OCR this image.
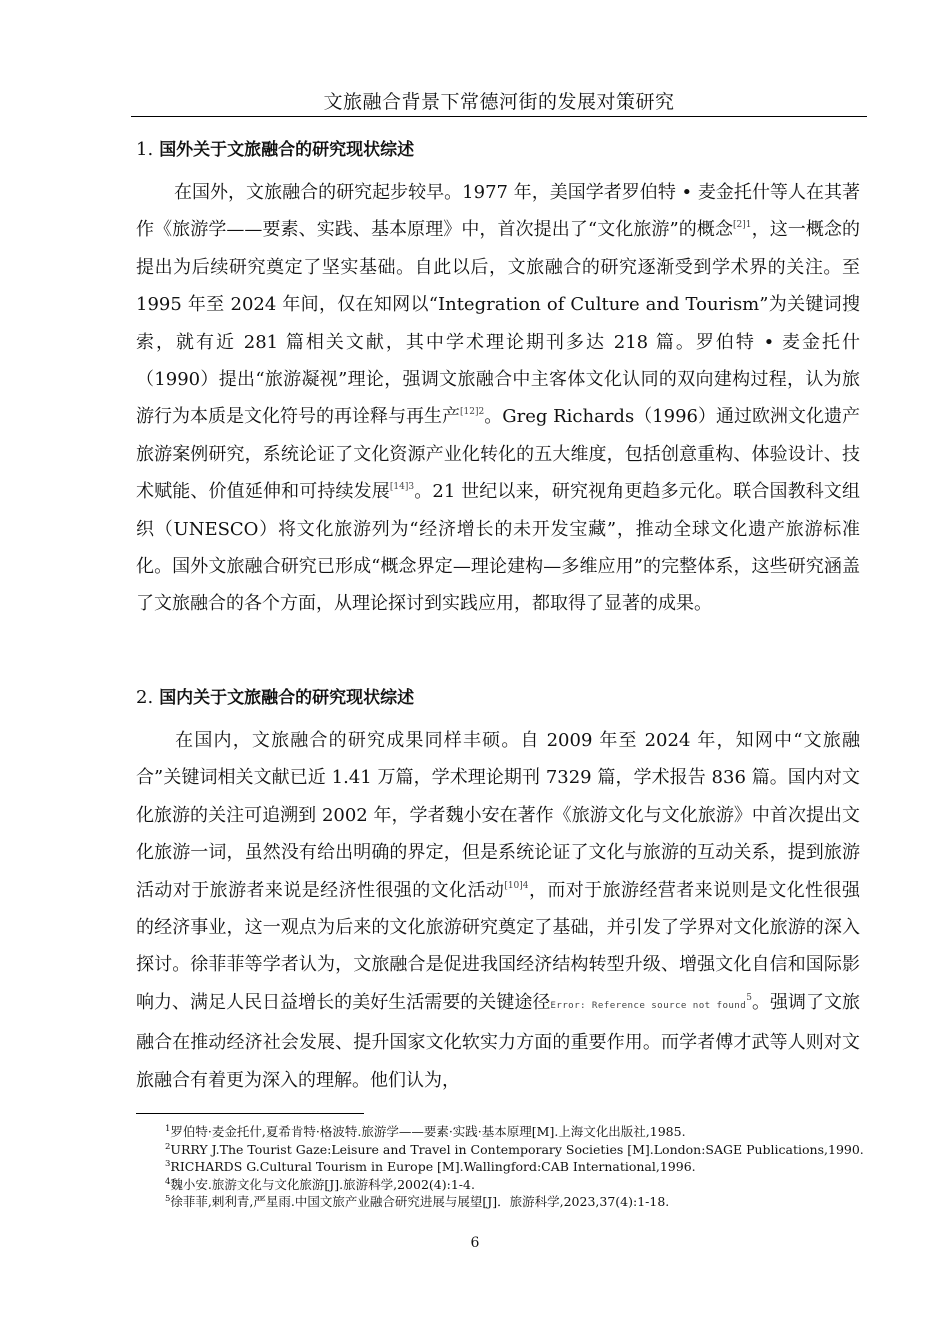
文旅融合背景下常德河街的发展对策研究
1. 国外关于文旅融合的研究现状综述

在国外，文旅融合的研究起步较早。1977 年，美国学者罗伯特 • 麦金托什等人在其著作《旅游学——要素、实践、基本原理》中，首次提出了“文化旅游”的概念$^{[2]1}$，这一概念的提出为后续研究奠定了坚实基础。自此以后，文旅融合的研究逐渐受到学术界的关注。至 1995 年至 2024 年间，仅在知网以“Integration of Culture and Tourism”为关键词搜索，就有近 281 篇相关文献，其中学术理论期刊多达 218 篇。罗伯特 • 麦金托什（1990）提出“旅游凝视”理论，强调文旅融合中主客体文化认同的双向建构过程，认为旅游行为本质是文化符号的再诠释与再生产$^{[12]2}$。Greg Richards（1996）通过欧洲文化遗产旅游案例研究，系统论证了文化资源产业化转化的五大维度，包括创意重构、体验设计、技术赋能、价值延伸和可持续发展$^{[14]3}$。21 世纪以来，研究视角更趋多元化。联合国教科文组织（UNESCO）将文化旅游列为“经济增长的未开发宝藏”，推动全球文化遗产旅游标准化。国外文旅融合研究已形成“概念界定—理论建构—多维应用”的完整体系，这些研究涵盖了文旅融合的各个方面，从理论探讨到实践应用，都取得了显著的成果。

2. 国内关于文旅融合的研究现状综述

在国内，文旅融合的研究成果同样丰硕。自 2009 年至 2024 年，知网中“文旅融合”关键词相关文献已近 1.41 万篇，学术理论期刊 7329 篇，学术报告 836 篇。国内对文化旅游的关注可追溯到 2002 年，学者魏小安在著作《旅游文化与文化旅游》中首次提出文化旅游一词，虽然没有给出明确的界定，但是系统论证了文化与旅游的互动关系，提到旅游活动对于旅游者来说是经济性很强的文化活动$^{[10]4}$，而对于旅游经营者来说则是文化性很强的经济事业，这一观点为后来的文化旅游研究奠定了基础，并引发了学界对文化旅游的深入探讨。徐菲菲等学者认为，文旅融合是促进我国经济结构转型升级、增强文化自信和国际影响力、满足人民日益增长的美好生活需要的关键途径Error: Reference source not found$^5$。强调了文旅融合在推动经济社会发展、提升国家文化软实力方面的重要作用。而学者傅才武等人则对文旅融合有着更为深入的理解。他们认为，

$^1$罗伯特·麦金托什,夏希肯特·格波特.旅游学——要素·实践·基本原理[M].上海文化出版社,1985.
$^2$URRY J.The Tourist Gaze:Leisure and Travel in Contemporary Societies [M].London:SAGE Publications,1990.
$^3$RICHARDS G.Cultural Tourism in Europe [M].Wallingford:CAB International,1996.
$^4$魏小安.旅游文化与文化旅游[J].旅游科学,2002(4):1-4.
$^5$徐菲菲,剌利青,严星雨.中国文旅产业融合研究进展与展望[J]．旅游科学,2023,37(4):1-18.
6
